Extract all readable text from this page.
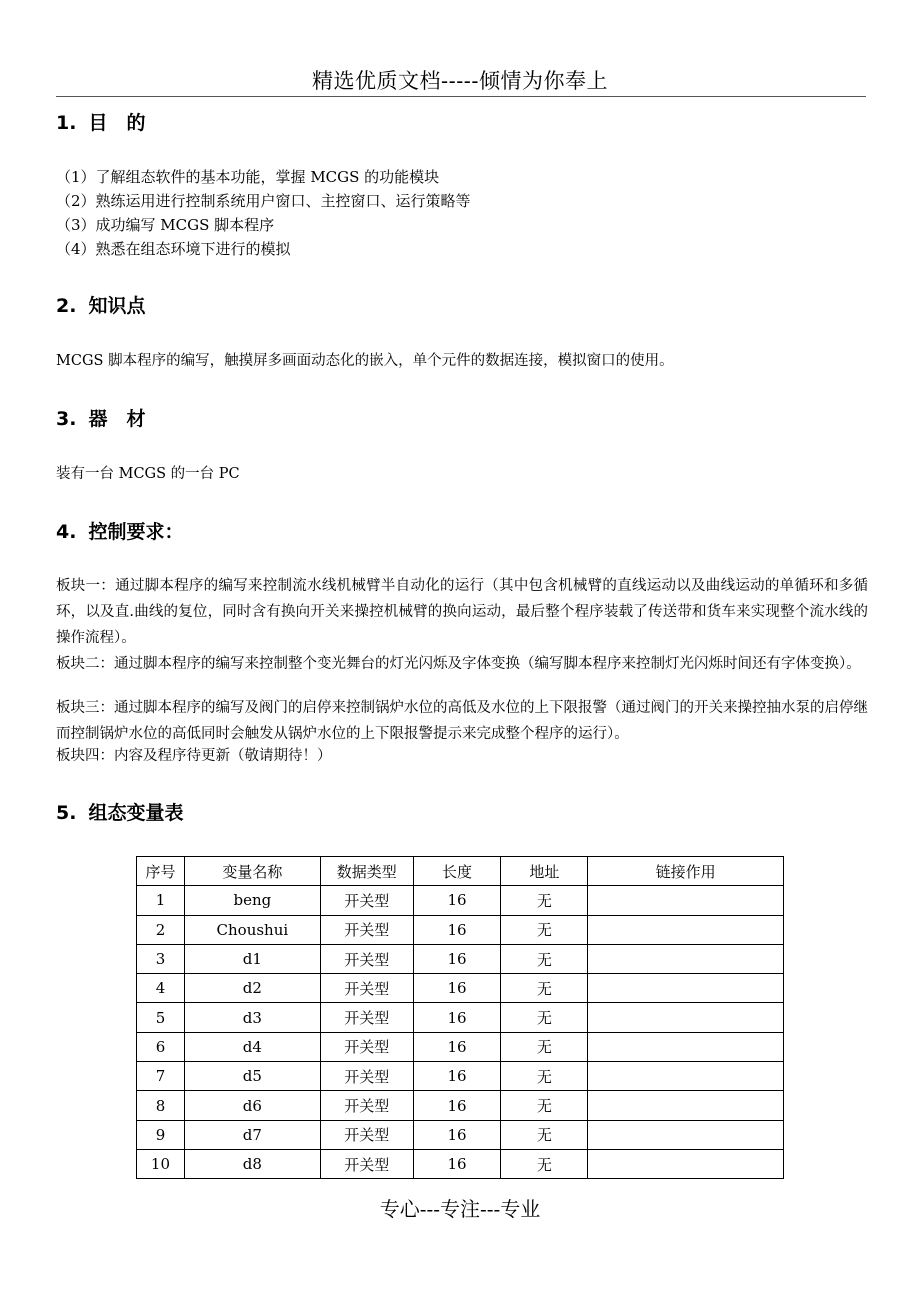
精选优质文档-----倾情为你奉上
1. 目　的
（1）了解组态软件的基本功能，掌握 MCGS 的功能模块
（2）熟练运用进行控制系统用户窗口、主控窗口、运行策略等
（3）成功编写 MCGS 脚本程序
（4）熟悉在组态环境下进行的模拟
2. 知识点
MCGS 脚本程序的编写，触摸屏多画面动态化的嵌入，单个元件的数据连接，模拟窗口的使用。
3. 器　材
装有一台 MCGS 的一台 PC
4. 控制要求：
板块一：通过脚本程序的编写来控制流水线机械臂半自动化的运行（其中包含机械臂的直线运动以及曲线运动的单循环和多循环，以及直.曲线的复位，同时含有换向开关来操控机械臂的换向运动，最后整个程序装载了传送带和货车来实现整个流水线的操作流程）。
板块二：通过脚本程序的编写来控制整个变光舞台的灯光闪烁及字体变换（编写脚本程序来控制灯光闪烁时间还有字体变换）。
板块三：通过脚本程序的编写及阀门的启停来控制锅炉水位的高低及水位的上下限报警（通过阀门的开关来操控抽水泵的启停继而控制锅炉水位的高低同时会触发从锅炉水位的上下限报警提示来完成整个程序的运行）。
板块四：内容及程序待更新（敬请期待！）
5. 组态变量表
序号	变量名称	数据类型	长度	地址	链接作用
1	beng	开关型	16	无	
2	Choushui	开关型	16	无	
3	d1	开关型	16	无	
4	d2	开关型	16	无	
5	d3	开关型	16	无	
6	d4	开关型	16	无	
7	d5	开关型	16	无	
8	d6	开关型	16	无	
9	d7	开关型	16	无	
10	d8	开关型	16	无	
专心---专注---专业
